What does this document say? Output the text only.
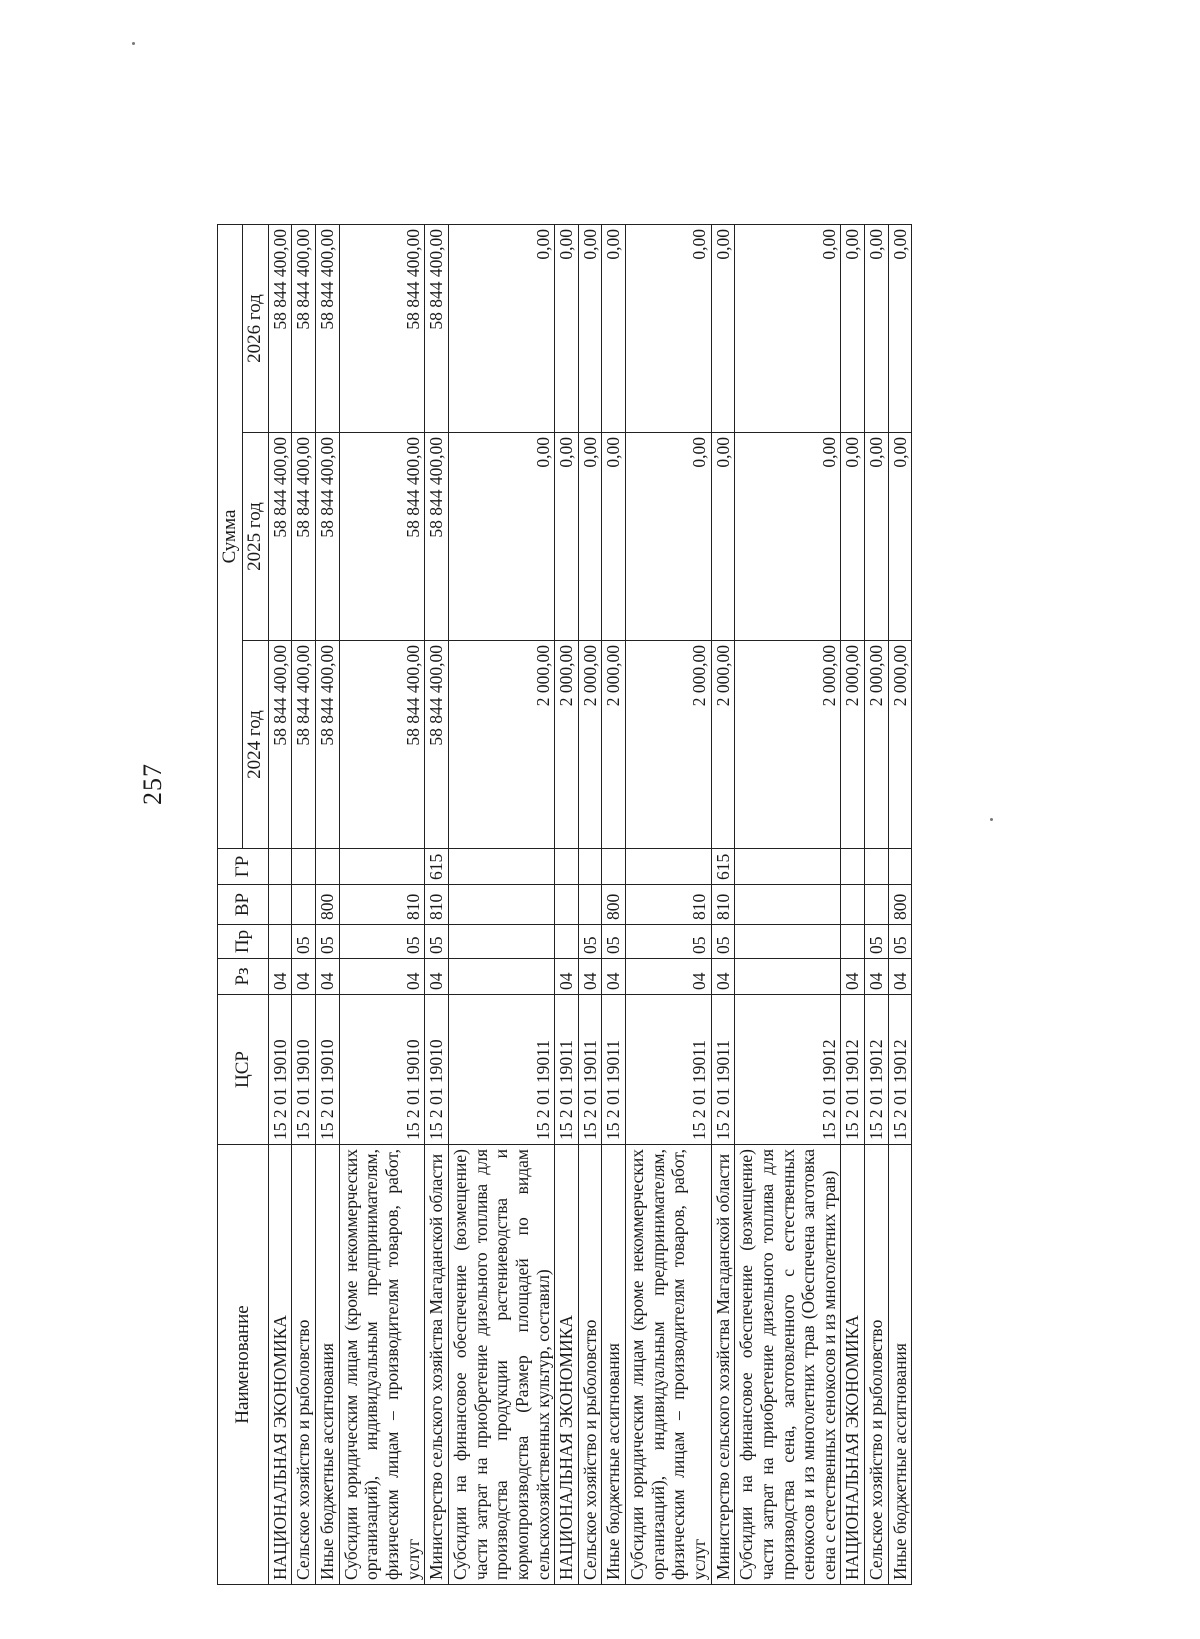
257
Наименование	ЦСР	Рз	Пр	ВР	ГР	Сумма		
						2024 год	2025 год	2026 год
НАЦИОНАЛЬНАЯ ЭКОНОМИКА	15 2 01 19010	04				58 844 400,00	58 844 400,00	58 844 400,00
Сельское хозяйство и рыболовство	15 2 01 19010	04	05			58 844 400,00	58 844 400,00	58 844 400,00
Иные бюджетные ассигнования	15 2 01 19010	04	05	800		58 844 400,00	58 844 400,00	58 844 400,00
Субсидии юридическим лицам (кроме некоммерческих организаций), индивидуальным предпринимателям, физическим лицам – производителям товаров, работ, услуг	15 2 01 19010	04	05	810		58 844 400,00	58 844 400,00	58 844 400,00
Министерство сельского хозяйства Магаданской области	15 2 01 19010	04	05	810	615	58 844 400,00	58 844 400,00	58 844 400,00
Субсидии на финансовое обеспечение (возмещение) части затрат на приобретение дизельного топлива для производства продукции растениеводства и кормопроизводства (Размер площадей по видам сельскохозяйственных культур, составил)	15 2 01 19011					2 000,00	0,00	0,00
НАЦИОНАЛЬНАЯ ЭКОНОМИКА	15 2 01 19011	04				2 000,00	0,00	0,00
Сельское хозяйство и рыболовство	15 2 01 19011	04	05			2 000,00	0,00	0,00
Иные бюджетные ассигнования	15 2 01 19011	04	05	800		2 000,00	0,00	0,00
Субсидии юридическим лицам (кроме некоммерческих организаций), индивидуальным предпринимателям, физическим лицам – производителям товаров, работ, услуг	15 2 01 19011	04	05	810		2 000,00	0,00	0,00
Министерство сельского хозяйства Магаданской области	15 2 01 19011	04	05	810	615	2 000,00	0,00	0,00
Субсидии на финансовое обеспечение (возмещение) части затрат на приобретение дизельного топлива для производства сена, заготовленного с естественных сенокосов и из многолетних трав (Обеспечена заготовка сена с естественных сенокосов и из многолетних трав)	15 2 01 19012					2 000,00	0,00	0,00
НАЦИОНАЛЬНАЯ ЭКОНОМИКА	15 2 01 19012	04				2 000,00	0,00	0,00
Сельское хозяйство и рыболовство	15 2 01 19012	04	05			2 000,00	0,00	0,00
Иные бюджетные ассигнования	15 2 01 19012	04	05	800		2 000,00	0,00	0,00
